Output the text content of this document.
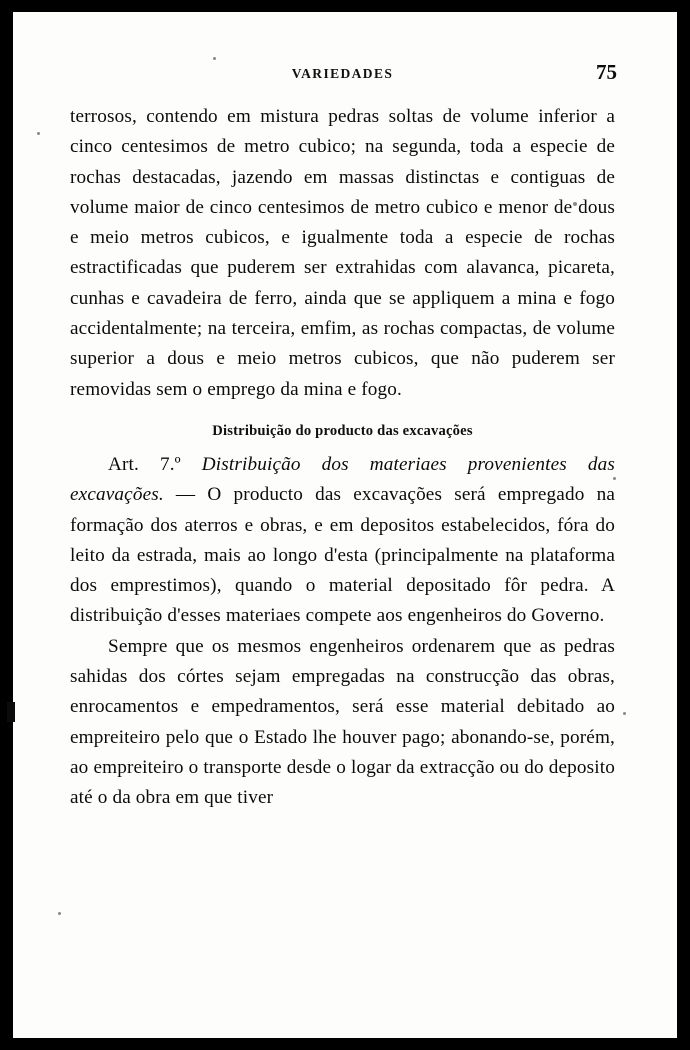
VARIEDADES	75

terrosos, contendo em mistura pedras soltas de volume inferior a cinco centesimos de metro cubico; na segunda, toda a especie de rochas destacadas, jazendo em massas distinctas e contiguas de volume maior de cinco centesimos de metro cubico e menor de dous e meio metros cubicos, e igualmente toda a especie de rochas estractificadas que puderem ser extrahidas com alavanca, picareta, cunhas e cavadeira de ferro, ainda que se appliquem a mina e fogo accidentalmente; na terceira, emfim, as rochas compactas, de volume superior a dous e meio metros cubicos, que não puderem ser removidas sem o emprego da mina e fogo.

Distribuição do producto das excavações

Art. 7.º Distribuição dos materiaes provenientes das excavações. — O producto das excavações será empregado na formação dos aterros e obras, e em depositos estabelecidos, fóra do leito da estrada, mais ao longo d'esta (principalmente na plataforma dos emprestimos), quando o material depositado fôr pedra. A distribuição d'esses materiaes compete aos engenheiros do Governo.

Sempre que os mesmos engenheiros ordenarem que as pedras sahidas dos córtes sejam empregadas na construcção das obras, enrocamentos e empedramentos, será esse material debitado ao empreiteiro pelo que o Estado lhe houver pago; abonando-se, porém, ao empreiteiro o transporte desde o logar da extracção ou do deposito até o da obra em que tiver
